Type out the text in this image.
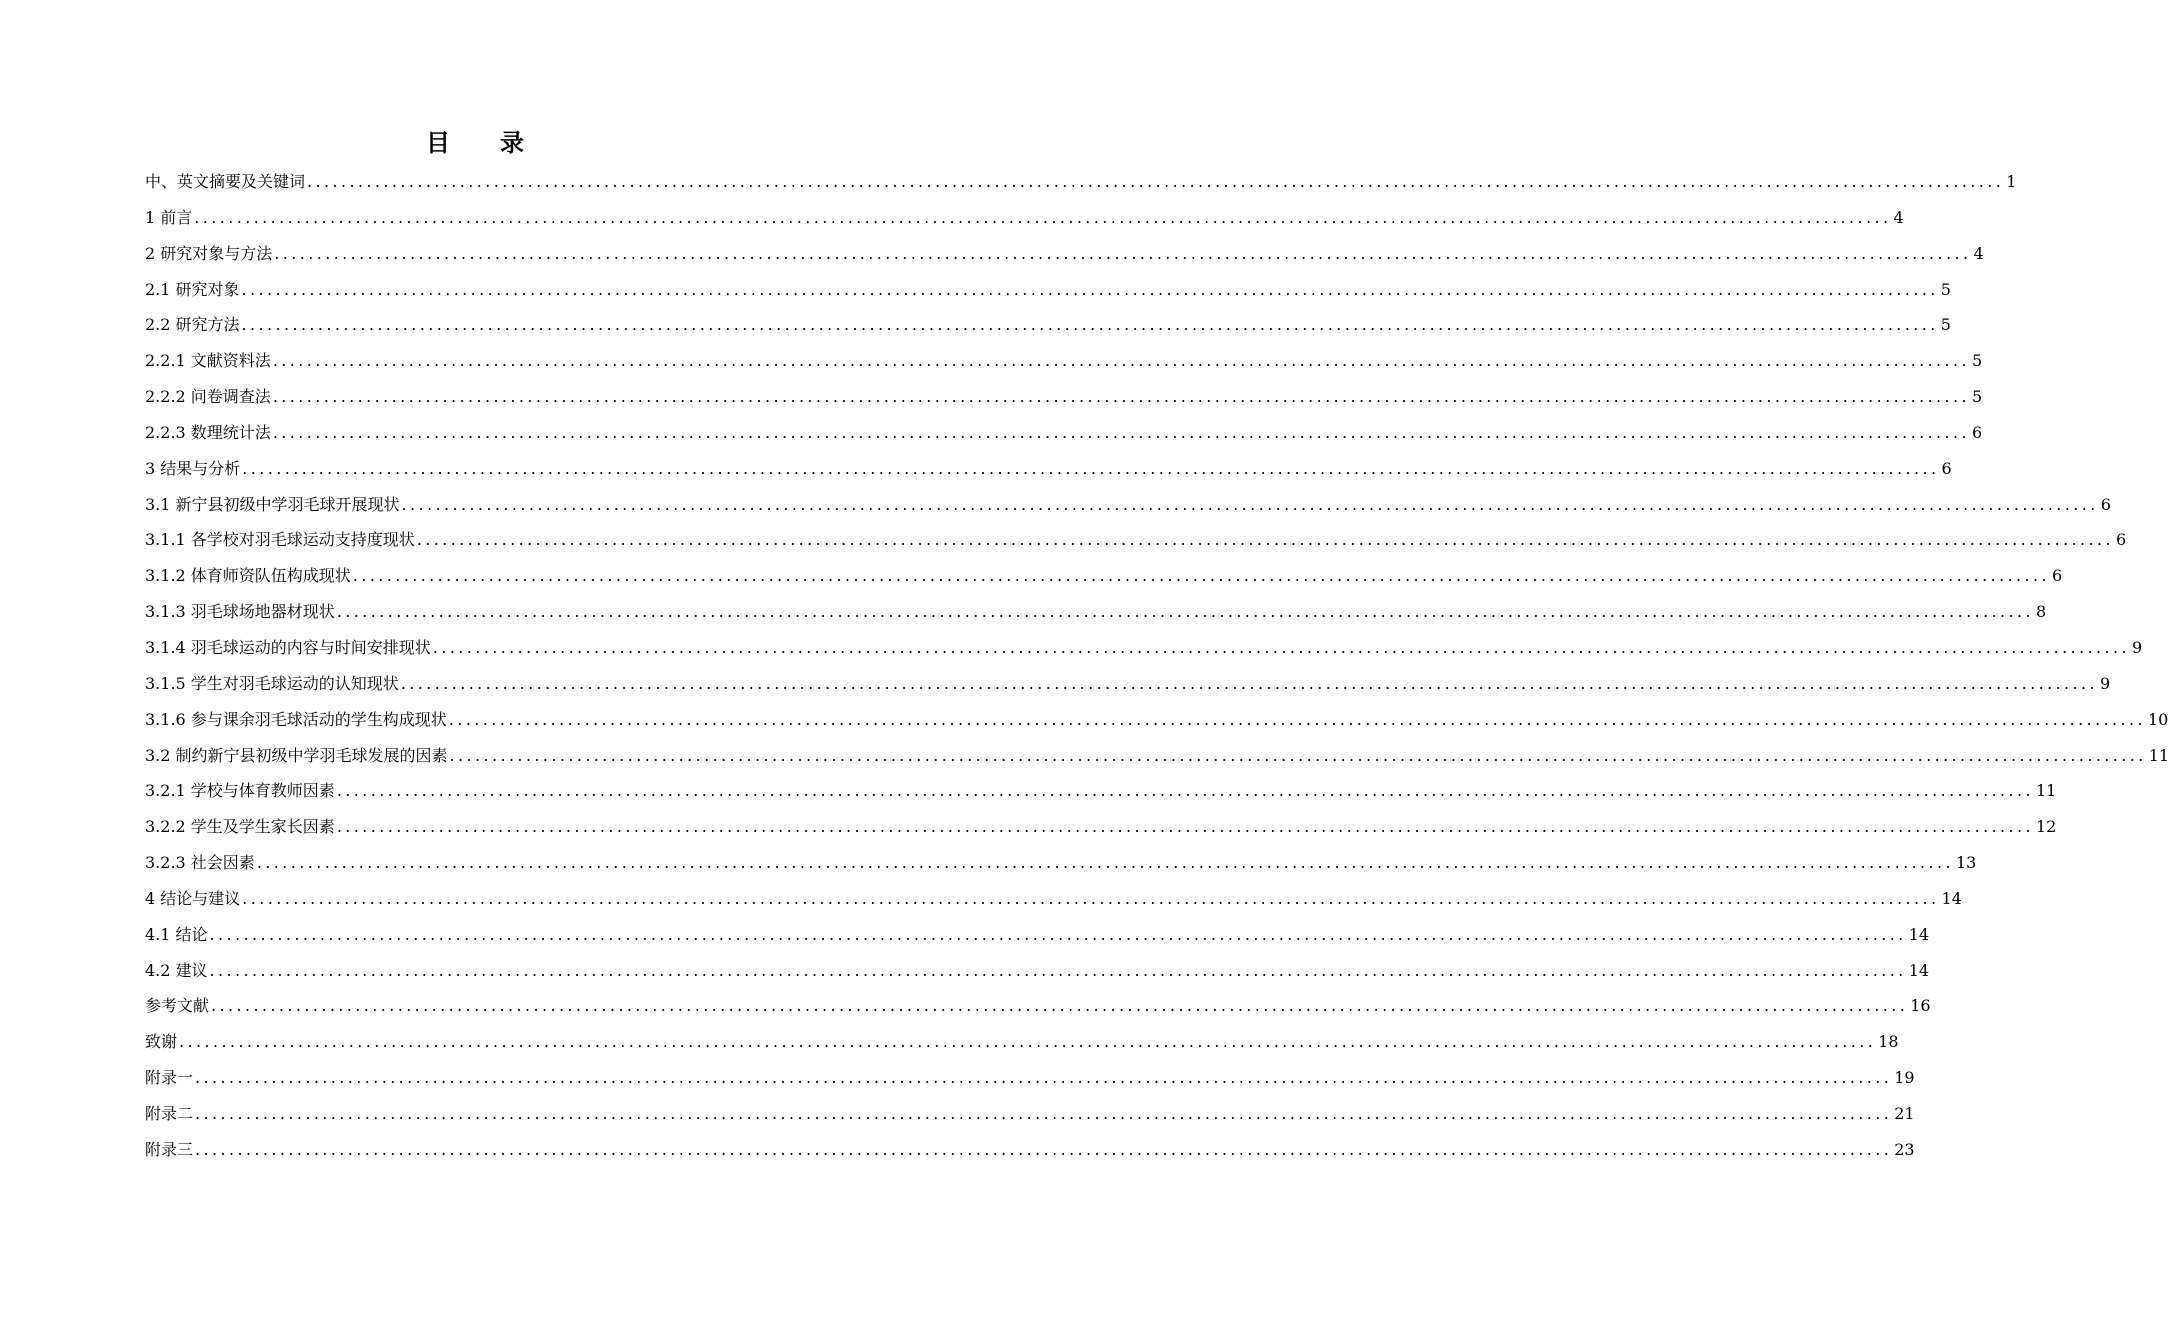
目 录
中、英文摘要及关键词 ........................................................................................................................................................................................................ 1
1 前言 ........................................................................................................................................................................................................ 4
2 研究对象与方法 ........................................................................................................................................................................................................ 4
2.1 研究对象 ........................................................................................................................................................................................................ 5
2.2 研究方法 ........................................................................................................................................................................................................ 5
2.2.1 文献资料法 ........................................................................................................................................................................................................ 5
2.2.2 问卷调查法 ........................................................................................................................................................................................................ 5
2.2.3 数理统计法 ........................................................................................................................................................................................................ 6
3 结果与分析 ........................................................................................................................................................................................................ 6
3.1 新宁县初级中学羽毛球开展现状 ........................................................................................................................................................................................................ 6
3.1.1 各学校对羽毛球运动支持度现状 ........................................................................................................................................................................................................ 6
3.1.2 体育师资队伍构成现状 ........................................................................................................................................................................................................ 6
3.1.3 羽毛球场地器材现状 ........................................................................................................................................................................................................ 8
3.1.4 羽毛球运动的内容与时间安排现状 ........................................................................................................................................................................................................ 9
3.1.5 学生对羽毛球运动的认知现状 ........................................................................................................................................................................................................ 9
3.1.6 参与课余羽毛球活动的学生构成现状 ........................................................................................................................................................................................................ 10
3.2 制约新宁县初级中学羽毛球发展的因素 ........................................................................................................................................................................................................ 11
3.2.1 学校与体育教师因素 ........................................................................................................................................................................................................ 11
3.2.2 学生及学生家长因素 ........................................................................................................................................................................................................ 12
3.2.3 社会因素 ........................................................................................................................................................................................................ 13
4 结论与建议 ........................................................................................................................................................................................................ 14
4.1 结论 ........................................................................................................................................................................................................ 14
4.2 建议 ........................................................................................................................................................................................................ 14
参考文献 ........................................................................................................................................................................................................ 16
致谢 ........................................................................................................................................................................................................ 18
附录一 ........................................................................................................................................................................................................ 19
附录二 ........................................................................................................................................................................................................ 21
附录三 ........................................................................................................................................................................................................ 23
